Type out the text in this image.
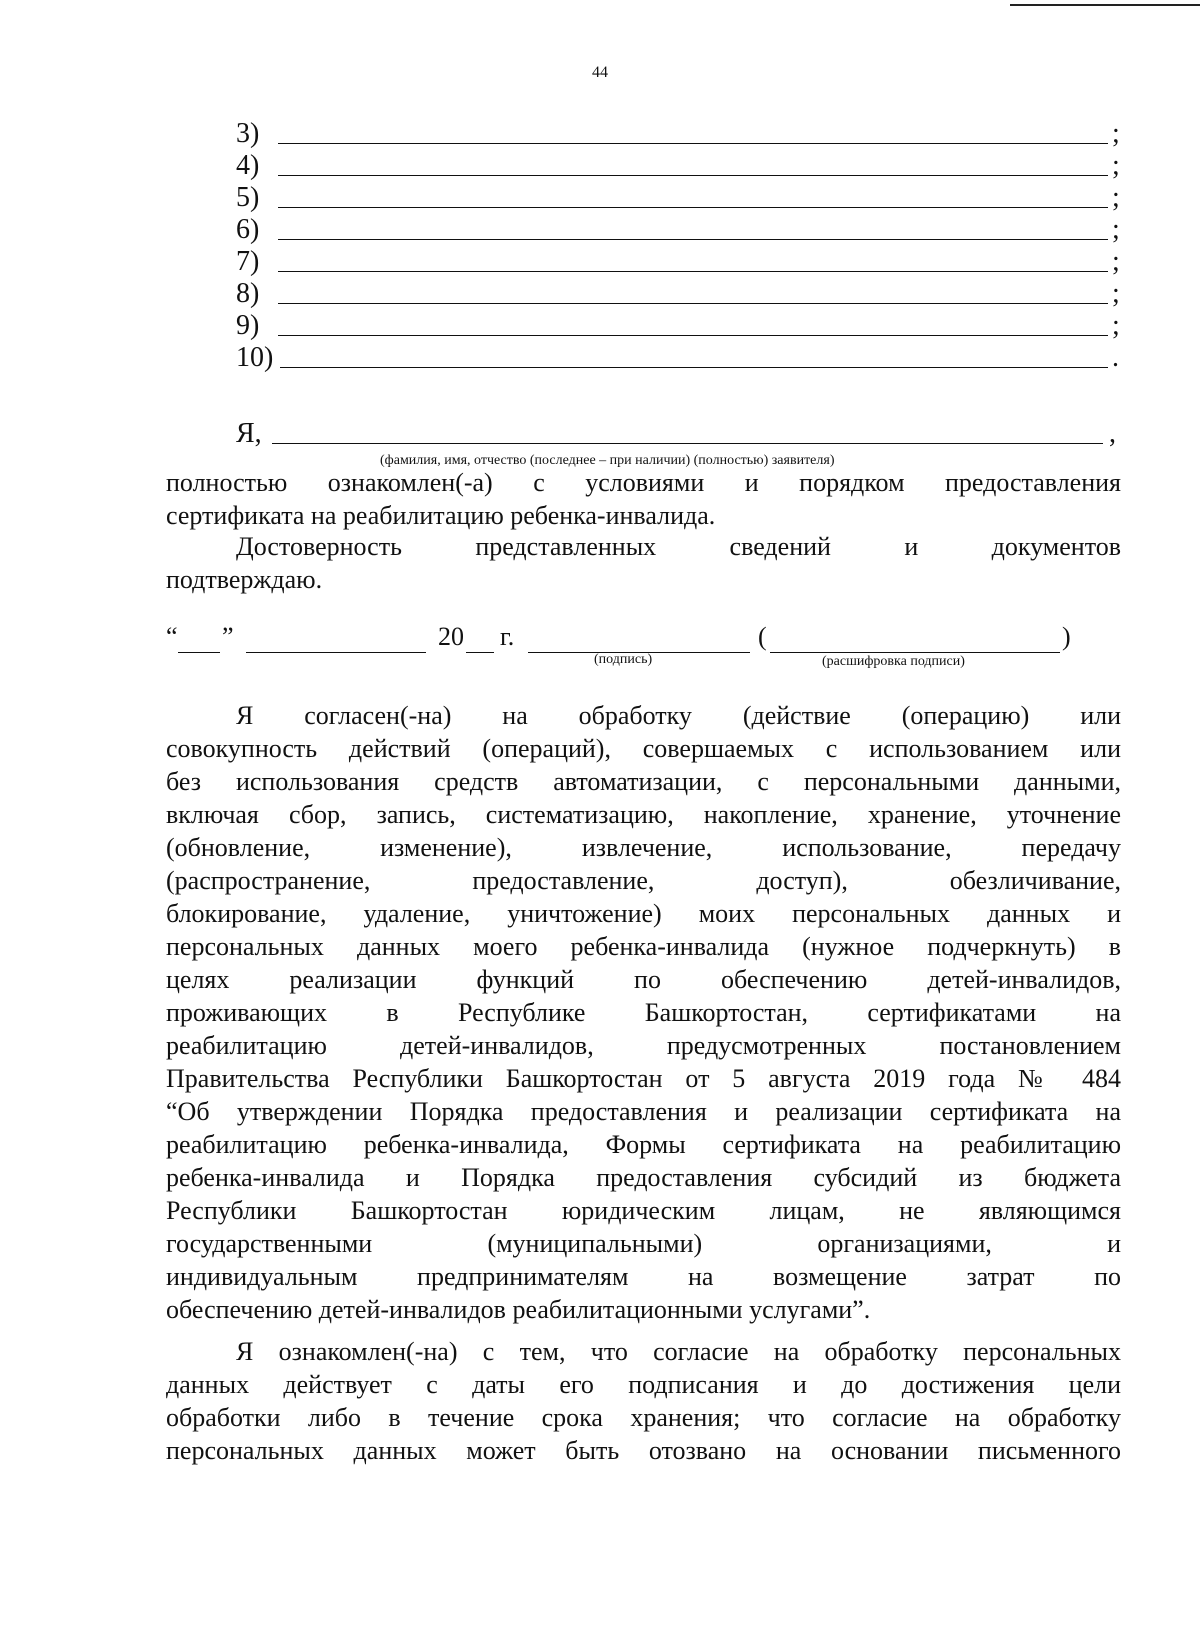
44
3)	;
4)	;
5)	;
6)	;
7)	;
8)	;
9)	;
10)	.
Я,	,
(фамилия, имя, отчество (последнее – при наличии) (полностью) заявителя)

полностью ознакомлен(-а) с условиями и порядком предоставления

сертификата на реабилитацию ребенка-инвалида.

Достоверность представленных сведений и документов

подтверждаю.

“ ”	20 г.	(	)
(подпись)	(расшифровка подписи)

Я согласен(-на) на обработку (действие (операцию) или

совокупность действий (операций), совершаемых с использованием или

без использования средств автоматизации, с персональными данными,

включая сбор, запись, систематизацию, накопление, хранение, уточнение

(обновление, изменение), извлечение, использование, передачу

(распространение, предоставление, доступ), обезличивание,

блокирование, удаление, уничтожение) моих персональных данных и

персональных данных моего ребенка-инвалида (нужное подчеркнуть) в

целях реализации функций по обеспечению детей-инвалидов,

проживающих в Республике Башкортостан, сертификатами на

реабилитацию детей-инвалидов, предусмотренных постановлением

Правительства Республики Башкортостан от 5 августа 2019 года № 484

“Об утверждении Порядка предоставления и реализации сертификата на

реабилитацию ребенка-инвалида, Формы сертификата на реабилитацию

ребенка-инвалида и Порядка предоставления субсидий из бюджета

Республики Башкортостан юридическим лицам, не являющимся

государственными (муниципальными) организациями, и

индивидуальным предпринимателям на возмещение затрат по

обеспечению детей-инвалидов реабилитационными услугами”.

Я ознакомлен(-на) с тем, что согласие на обработку персональных

данных действует с даты его подписания и до достижения цели

обработки либо в течение срока хранения; что согласие на обработку

персональных данных может быть отозвано на основании письменного
